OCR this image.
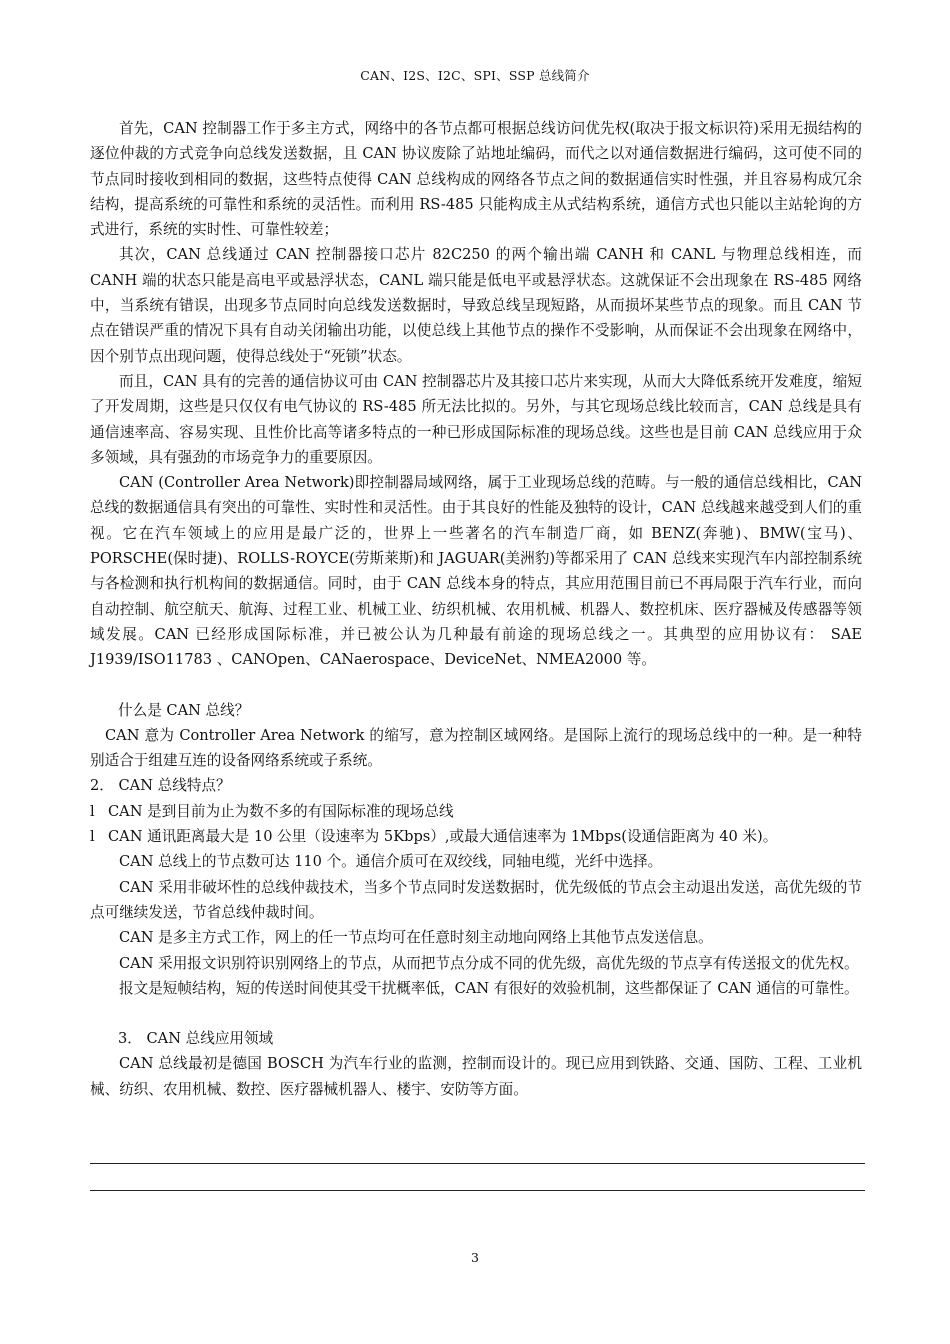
CAN、I2S、I2C、SPI、SSP 总线简介

首先，CAN 控制器工作于多主方式，网络中的各节点都可根据总线访问优先权(取决于报文标识符)采用无损结构的逐位仲裁的方式竞争向总线发送数据，且 CAN 协议废除了站地址编码，而代之以对通信数据进行编码，这可使不同的节点同时接收到相同的数据，这些特点使得 CAN 总线构成的网络各节点之间的数据通信实时性强，并且容易构成冗余结构，提高系统的可靠性和系统的灵活性。而利用 RS-485 只能构成主从式结构系统，通信方式也只能以主站轮询的方式进行，系统的实时性、可靠性较差；

其次，CAN 总线通过 CAN 控制器接口芯片 82C250 的两个输出端 CANH 和 CANL 与物理总线相连，而 CANH 端的状态只能是高电平或悬浮状态，CANL 端只能是低电平或悬浮状态。这就保证不会出现象在 RS-485 网络中，当系统有错误，出现多节点同时向总线发送数据时，导致总线呈现短路，从而损坏某些节点的现象。而且 CAN 节点在错误严重的情况下具有自动关闭输出功能，以使总线上其他节点的操作不受影响，从而保证不会出现象在网络中，因个别节点出现问题，使得总线处于“死锁”状态。

而且，CAN 具有的完善的通信协议可由 CAN 控制器芯片及其接口芯片来实现，从而大大降低系统开发难度，缩短了开发周期，这些是只仅仅有电气协议的 RS-485 所无法比拟的。另外，与其它现场总线比较而言，CAN 总线是具有通信速率高、容易实现、且性价比高等诸多特点的一种已形成国际标准的现场总线。这些也是目前 CAN 总线应用于众多领域，具有强劲的市场竞争力的重要原因。

CAN (Controller Area Network)即控制器局域网络，属于工业现场总线的范畴。与一般的通信总线相比，CAN 总线的数据通信具有突出的可靠性、实时性和灵活性。由于其良好的性能及独特的设计，CAN 总线越来越受到人们的重视。它在汽车领域上的应用是最广泛的，世界上一些著名的汽车制造厂商，如 BENZ(奔驰)、BMW(宝马)、PORSCHE(保时捷)、ROLLS-ROYCE(劳斯莱斯)和 JAGUAR(美洲豹)等都采用了 CAN 总线来实现汽车内部控制系统与各检测和执行机构间的数据通信。同时，由于 CAN 总线本身的特点，其应用范围目前已不再局限于汽车行业，而向自动控制、航空航天、航海、过程工业、机械工业、纺织机械、农用机械、机器人、数控机床、医疗器械及传感器等领域发展。CAN 已经形成国际标准，并已被公认为几种最有前途的现场总线之一。其典型的应用协议有： SAE J1939/ISO11783 、CANOpen、CANaerospace、DeviceNet、NMEA2000 等。

什么是 CAN 总线？

CAN 意为 Controller Area Network 的缩写，意为控制区域网络。是国际上流行的现场总线中的一种。是一种特别适合于组建互连的设备网络系统或子系统。

2． CAN 总线特点？

l CAN 是到目前为止为数不多的有国际标准的现场总线
l CAN 通讯距离最大是 10 公里（设速率为 5Kbps）,或最大通信速率为 1Mbps(设通信距离为 40 米)。

CAN 总线上的节点数可达 110 个。通信介质可在双绞线，同轴电缆，光纤中选择。

CAN 采用非破坏性的总线仲裁技术，当多个节点同时发送数据时，优先级低的节点会主动退出发送，高优先级的节点可继续发送，节省总线仲裁时间。

CAN 是多主方式工作，网上的任一节点均可在任意时刻主动地向网络上其他节点发送信息。

CAN 采用报文识别符识别网络上的节点，从而把节点分成不同的优先级，高优先级的节点享有传送报文的优先权。

报文是短帧结构，短的传送时间使其受干扰概率低，CAN 有很好的效验机制，这些都保证了 CAN 通信的可靠性。

3． CAN 总线应用领域

CAN 总线最初是德国 BOSCH 为汽车行业的监测，控制而设计的。现已应用到铁路、交通、国防、工程、工业机械、纺织、农用机械、数控、医疗器械机器人、楼宇、安防等方面。

3
